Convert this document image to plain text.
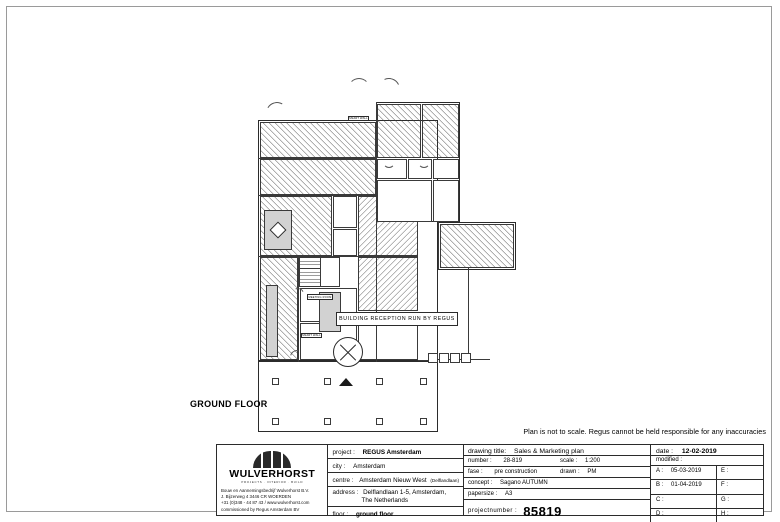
MEETING ROOM
SMART WALL
SMART WALL
BUILDING RECEPTION RUN BY REGUS
GROUND FLOOR
Plan is not to scale. Regus cannot be held responsible for any inaccuracies
WULVERHORST
PROJECTS · INTERIOR · BUILD
Bouw en Aannemingsbedrijf Wulverhorst B.V.
J. Bijzerweg 4 3446 CR WOERDEN
+31 (0)348 - 44 87 43 / www.wulverhorst.com
commissioned by Regus Amsterdam BV
project : REGUS Amsterdam
city : Amsterdam
centre : Amsterdam Nieuw West (Delflandlaan)
address : Delflandlaan 1-5, Amsterdam,
The Netherlands
floor : ground floor
drawing title: Sales & Marketing plan	date : 12-02-2019
number : 28-819	scale : 1:200
fase : pre construction	drawn : PM
concept : Sagano AUTUMN
papersize : A3
projectnumber : 85819
modified :
A : 05-03-2019	E :
B : 01-04-2019	F :
C :	G :
D :	H :
